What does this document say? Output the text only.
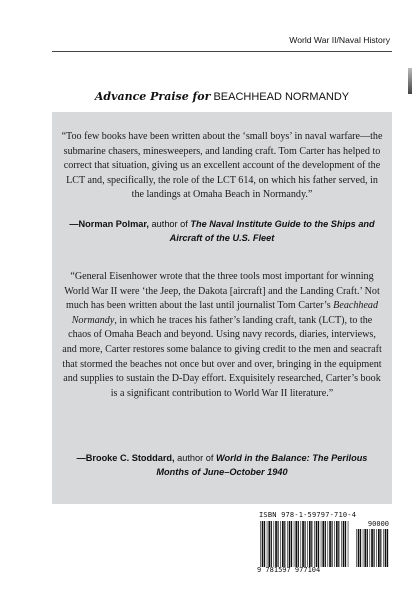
World War II/Naval History
Advance Praise for BEACHHEAD NORMANDY

“Too few books have been written about the ‘small boys’ in naval warfare—the submarine chasers, minesweepers, and landing craft. Tom Carter has helped to correct that situation, giving us an excellent account of the development of the LCT and, specifically, the role of the LCT 614, on which his father served, in the landings at Omaha Beach in Normandy.”

—Norman Polmar, author of The Naval Institute Guide to the Ships and Aircraft of the U.S. Fleet

“General Eisenhower wrote that the three tools most important for winning World War II were ‘the Jeep, the Dakota [aircraft] and the Landing Craft.’ Not much has been written about the last until journalist Tom Carter’s Beachhead Normandy, in which he traces his father’s landing craft, tank (LCT), to the chaos of Omaha Beach and beyond. Using navy records, diaries, interviews, and more, Carter restores some balance to giving credit to the men and seacraft that stormed the beaches not once but over and over, bringing in the equipment and supplies to sustain the D-Day effort. Exquisitely researched, Carter’s book is a significant contribution to World War II literature.”

—Brooke C. Stoddard, author of World in the Balance: The Perilous Months of June–October 1940

ISBN 978-1-59797-710-4
90000
9 781597 977104
